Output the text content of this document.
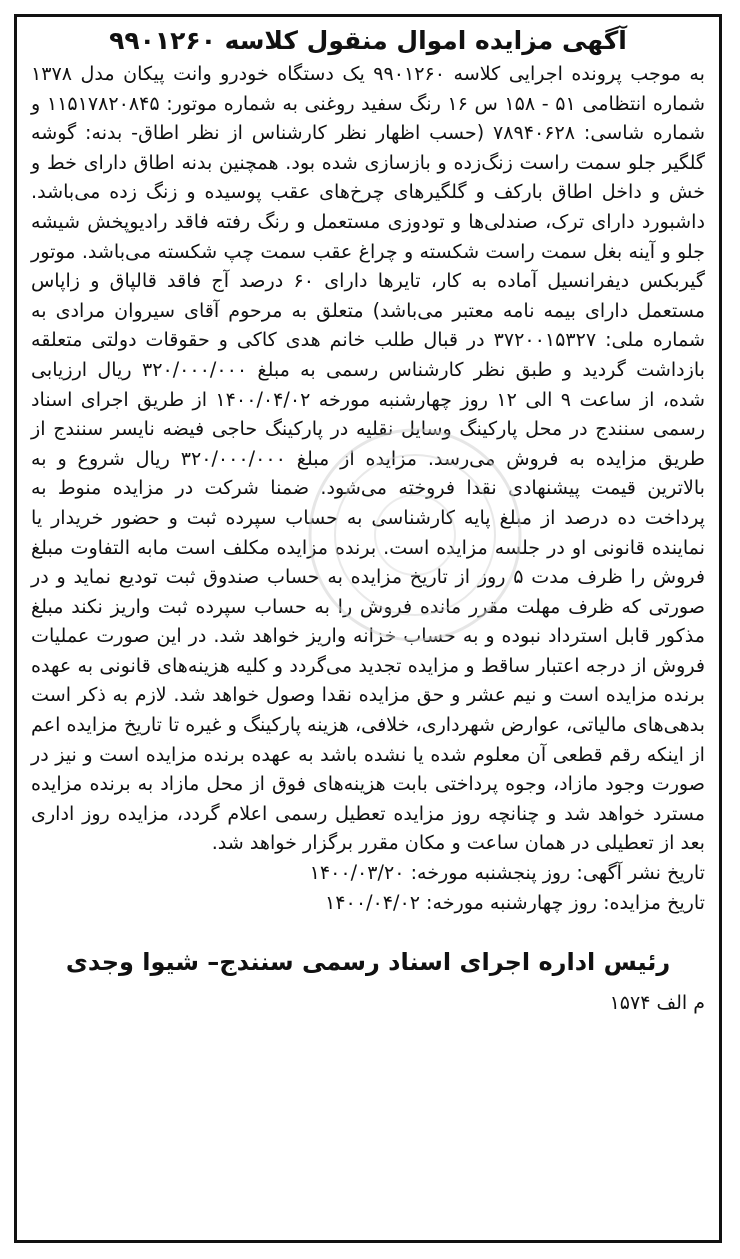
آگهی مزایده اموال منقول کلاسه ۹۹۰۱۲۶۰

به موجب پرونده اجرایی کلاسه ۹۹۰۱۲۶۰ یک دستگاه خودرو وانت پیکان مدل ۱۳۷۸ شماره انتظامی ۵۱ - ۱۵۸ س ۱۶ رنگ سفید روغنی به شماره موتور: ۱۱۵۱۷۸۲۰۸۴۵ و شماره شاسی: ۷۸۹۴۰۶۲۸ (حسب اظهار نظر کارشناس از نظر اطاق- بدنه: گوشه گلگیر جلو سمت راست زنگ‌زده و بازسازی شده بود. همچنین بدنه اطاق دارای خط و خش و داخل اطاق بارکف و گلگیرهای چرخ‌های عقب پوسیده و زنگ زده می‌باشد. داشبورد دارای ترک، صندلی‌ها و تودوزی مستعمل و رنگ رفته فاقد رادیوپخش شیشه جلو و آینه بغل سمت راست شکسته و چراغ عقب سمت چپ شکسته می‌باشد. موتور گیربکس دیفرانسیل آماده به کار، تایرها دارای ۶۰ درصد آج فاقد قالپاق و زاپاس مستعمل دارای بیمه نامه معتبر می‌باشد) متعلق به مرحوم آقای سیروان مرادی به شماره ملی: ۳۷۲۰۰۱۵۳۲۷ در قبال طلب خانم هدی کاکی و حقوقات دولتی متعلقه بازداشت گردید و طبق نظر کارشناس رسمی به مبلغ ۳۲۰/۰۰۰/۰۰۰ ریال ارزیابی شده، از ساعت ۹ الی ۱۲ روز چهارشنبه مورخه ۱۴۰۰/۰۴/۰۲ از طریق اجرای اسناد رسمی سنندج در محل پارکینگ وسایل نقلیه در پارکینگ حاجی فیضه نایسر سنندج از طریق مزایده به فروش می‌رسد. مزایده از مبلغ ۳۲۰/۰۰۰/۰۰۰ ریال شروع و به بالاترین قیمت پیشنهادی نقدا فروخته می‌شود. ضمنا شرکت در مزایده منوط به پرداخت ده درصد از مبلغ پایه کارشناسی به حساب سپرده ثبت و حضور خریدار یا نماینده قانونی او در جلسه مزایده است. برنده مزایده مکلف است مابه التفاوت مبلغ فروش را ظرف مدت ۵ روز از تاریخ مزایده به حساب صندوق ثبت تودیع نماید و در صورتی که ظرف مهلت مقرر مانده فروش را به حساب سپرده ثبت واریز نکند مبلغ مذکور قابل استرداد نبوده و به حساب خزانه واریز خواهد شد. در این صورت عملیات فروش از درجه اعتبار ساقط و مزایده تجدید می‌گردد و کلیه هزینه‌های قانونی به عهده برنده مزایده است و نیم عشر و حق مزایده نقدا وصول خواهد شد. لازم به ذکر است بدهی‌های مالیاتی، عوارض شهرداری، خلافی، هزینه پارکینگ و غیره تا تاریخ مزایده اعم از اینکه رقم قطعی آن معلوم شده یا نشده باشد به عهده برنده مزایده است و نیز در صورت وجود مازاد، وجوه پرداختی بابت هزینه‌های فوق از محل مازاد به برنده مزایده مسترد خواهد شد و چنانچه روز مزایده تعطیل رسمی اعلام گردد، مزایده روز اداری بعد از تعطیلی در همان ساعت و مکان مقرر برگزار خواهد شد.

تاریخ نشر آگهی: روز پنجشنبه مورخه: ۱۴۰۰/۰۳/۲۰

تاریخ مزایده: روز چهارشنبه مورخه: ۱۴۰۰/۰۴/۰۲

رئیس اداره اجرای اسناد رسمی سنندج– شیوا وجدی
م الف ۱۵۷۴
